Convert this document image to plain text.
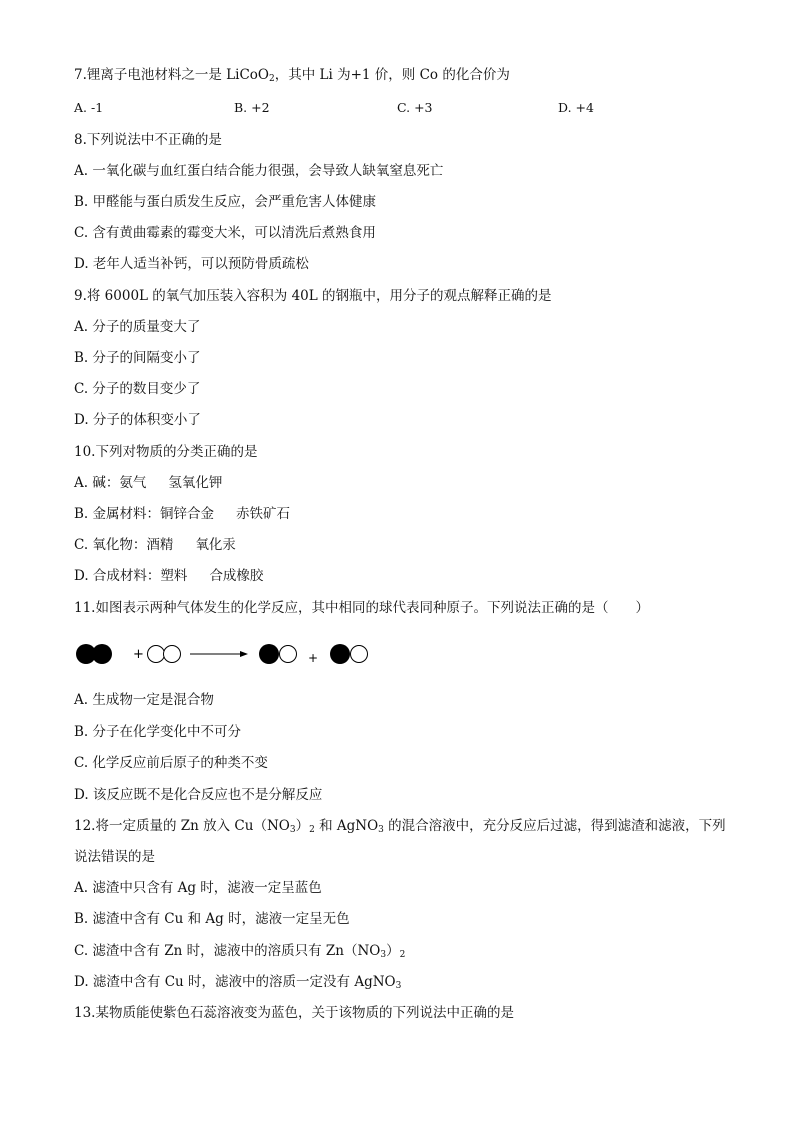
7.锂离子电池材料之一是 LiCoO$_2$，其中 Li 为+1 价，则 Co 的化合价为
A. -1	B. +2	C. +3	D. +4
8.下列说法中不正确的是
A. 一氧化碳与血红蛋白结合能力很强，会导致人缺氧窒息死亡
B. 甲醛能与蛋白质发生反应，会严重危害人体健康
C. 含有黄曲霉素的霉变大米，可以清洗后煮熟食用
D. 老年人适当补钙，可以预防骨质疏松
9.将 6000L 的氧气加压装入容积为 40L 的钢瓶中，用分子的观点解释正确的是
A. 分子的质量变大了
B. 分子的间隔变小了
C. 分子的数目变少了
D. 分子的体积变小了
10.下列对物质的分类正确的是
A. 碱：氨气 氢氧化钾
B. 金属材料：铜锌合金 赤铁矿石
C. 氧化物：酒精 氧化汞
D. 合成材料：塑料 合成橡胶
11.如图表示两种气体发生的化学反应，其中相同的球代表同种原子。下列说法正确的是（　　）
+	+
A. 生成物一定是混合物
B. 分子在化学变化中不可分
C. 化学反应前后原子的种类不变
D. 该反应既不是化合反应也不是分解反应
12.将一定质量的 Zn 放入 $Cu(NO_3)_2$ 和 AgNO$_3$ 的混合溶液中，充分反应后过滤，得到滤渣和滤液，下列
说法错误的是
A. 滤渣中只含有 Ag 时，滤液一定呈蓝色
B. 滤渣中含有 Cu 和 Ag 时，滤液一定呈无色
C. 滤渣中含有 Zn 时，滤液中的溶质只有 $Zn(NO_3)_2$
D. 滤渣中含有 Cu 时，滤液中的溶质一定没有 AgNO$_3$
13.某物质能使紫色石蕊溶液变为蓝色，关于该物质的下列说法中正确的是
